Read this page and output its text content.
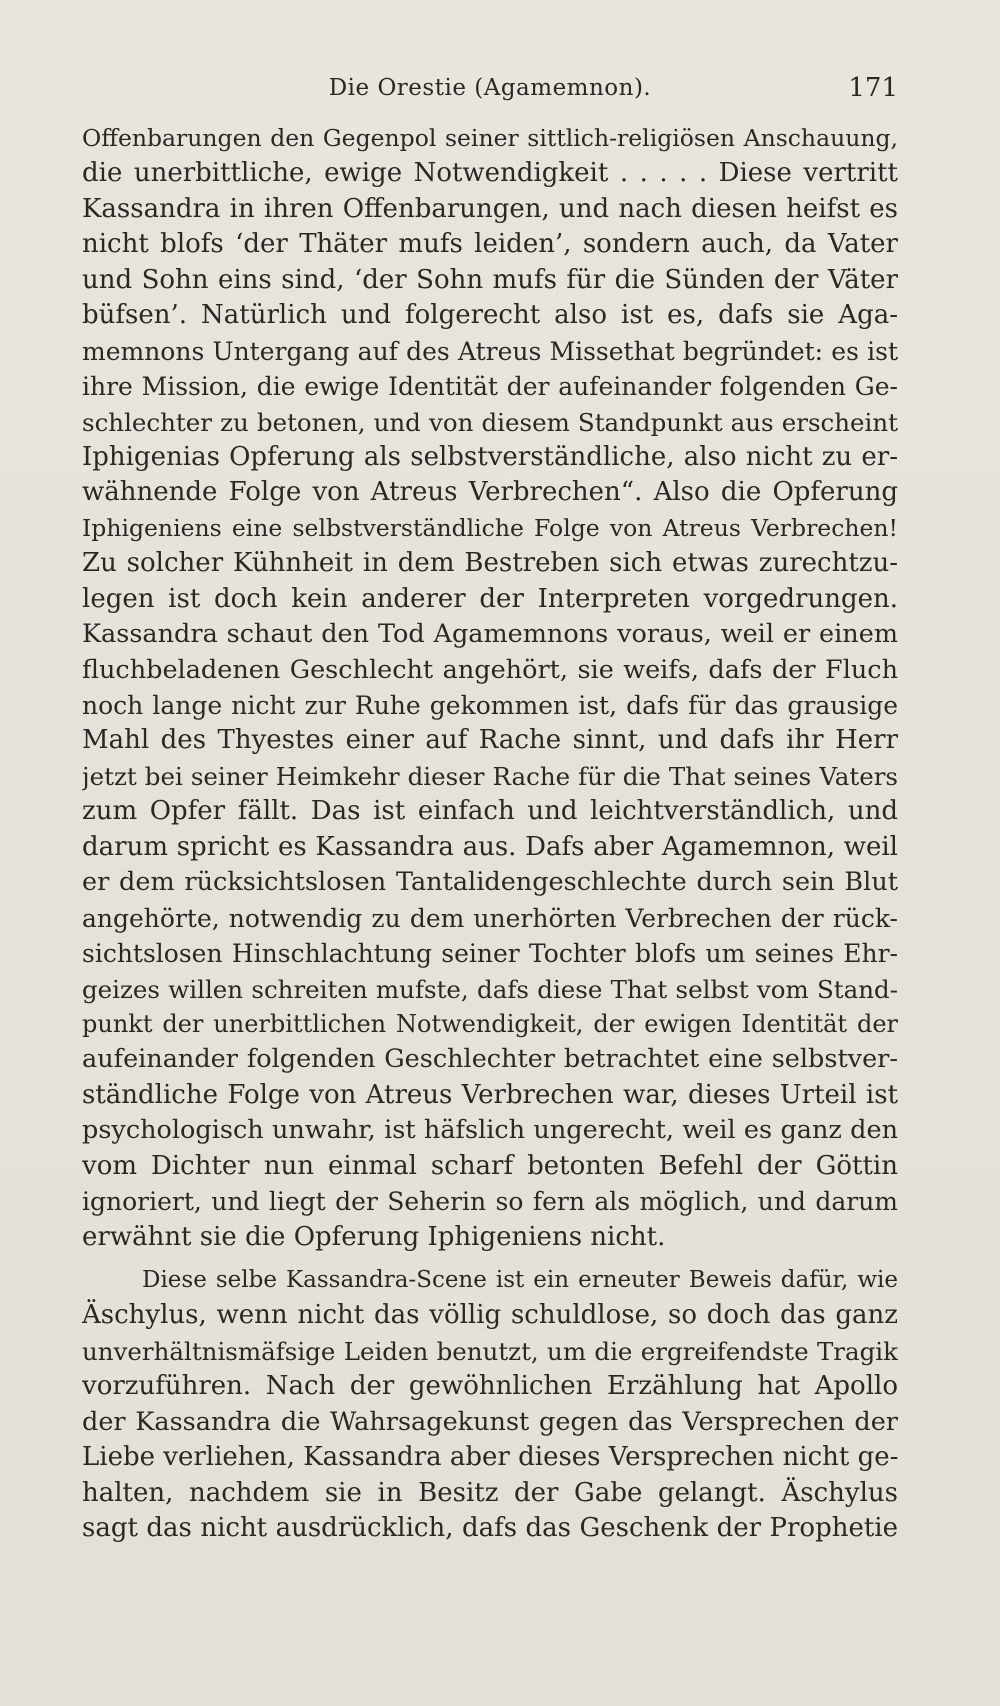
Die Orestie (Agamemnon).	171
Offenbarungen den Gegenpol seiner sittlich-religiösen Anschauung,
die unerbittliche, ewige Notwendigkeit . . . . . Diese vertritt
Kassandra in ihren Offenbarungen, und nach diesen heifst es
nicht blofs ‘der Thäter mufs leiden’, sondern auch, da Vater
und Sohn eins sind, ‘der Sohn mufs für die Sünden der Väter
büfsen’. Natürlich und folgerecht also ist es, dafs sie Aga-
memnons Untergang auf des Atreus Missethat begründet: es ist
ihre Mission, die ewige Identität der aufeinander folgenden Ge-
schlechter zu betonen, und von diesem Standpunkt aus erscheint
Iphigenias Opferung als selbstverständliche, also nicht zu er-
wähnende Folge von Atreus Verbrechen“. Also die Opferung
Iphigeniens eine selbstverständliche Folge von Atreus Verbrechen!
Zu solcher Kühnheit in dem Bestreben sich etwas zurechtzu-
legen ist doch kein anderer der Interpreten vorgedrungen.
Kassandra schaut den Tod Agamemnons voraus, weil er einem
fluchbeladenen Geschlecht angehört, sie weifs, dafs der Fluch
noch lange nicht zur Ruhe gekommen ist, dafs für das grausige
Mahl des Thyestes einer auf Rache sinnt, und dafs ihr Herr
jetzt bei seiner Heimkehr dieser Rache für die That seines Vaters
zum Opfer fällt. Das ist einfach und leichtverständlich, und
darum spricht es Kassandra aus. Dafs aber Agamemnon, weil
er dem rücksichtslosen Tantalidengeschlechte durch sein Blut
angehörte, notwendig zu dem unerhörten Verbrechen der rück-
sichtslosen Hinschlachtung seiner Tochter blofs um seines Ehr-
geizes willen schreiten mufste, dafs diese That selbst vom Stand-
punkt der unerbittlichen Notwendigkeit, der ewigen Identität der
aufeinander folgenden Geschlechter betrachtet eine selbstver-
ständliche Folge von Atreus Verbrechen war, dieses Urteil ist
psychologisch unwahr, ist häfslich ungerecht, weil es ganz den
vom Dichter nun einmal scharf betonten Befehl der Göttin
ignoriert, und liegt der Seherin so fern als möglich, und darum
erwähnt sie die Opferung Iphigeniens nicht.
Diese selbe Kassandra-Scene ist ein erneuter Beweis dafür, wie
Äschylus, wenn nicht das völlig schuldlose, so doch das ganz
unverhältnismäfsige Leiden benutzt, um die ergreifendste Tragik
vorzuführen. Nach der gewöhnlichen Erzählung hat Apollo
der Kassandra die Wahrsagekunst gegen das Versprechen der
Liebe verliehen, Kassandra aber dieses Versprechen nicht ge-
halten, nachdem sie in Besitz der Gabe gelangt. Äschylus
sagt das nicht ausdrücklich, dafs das Geschenk der Prophetie
